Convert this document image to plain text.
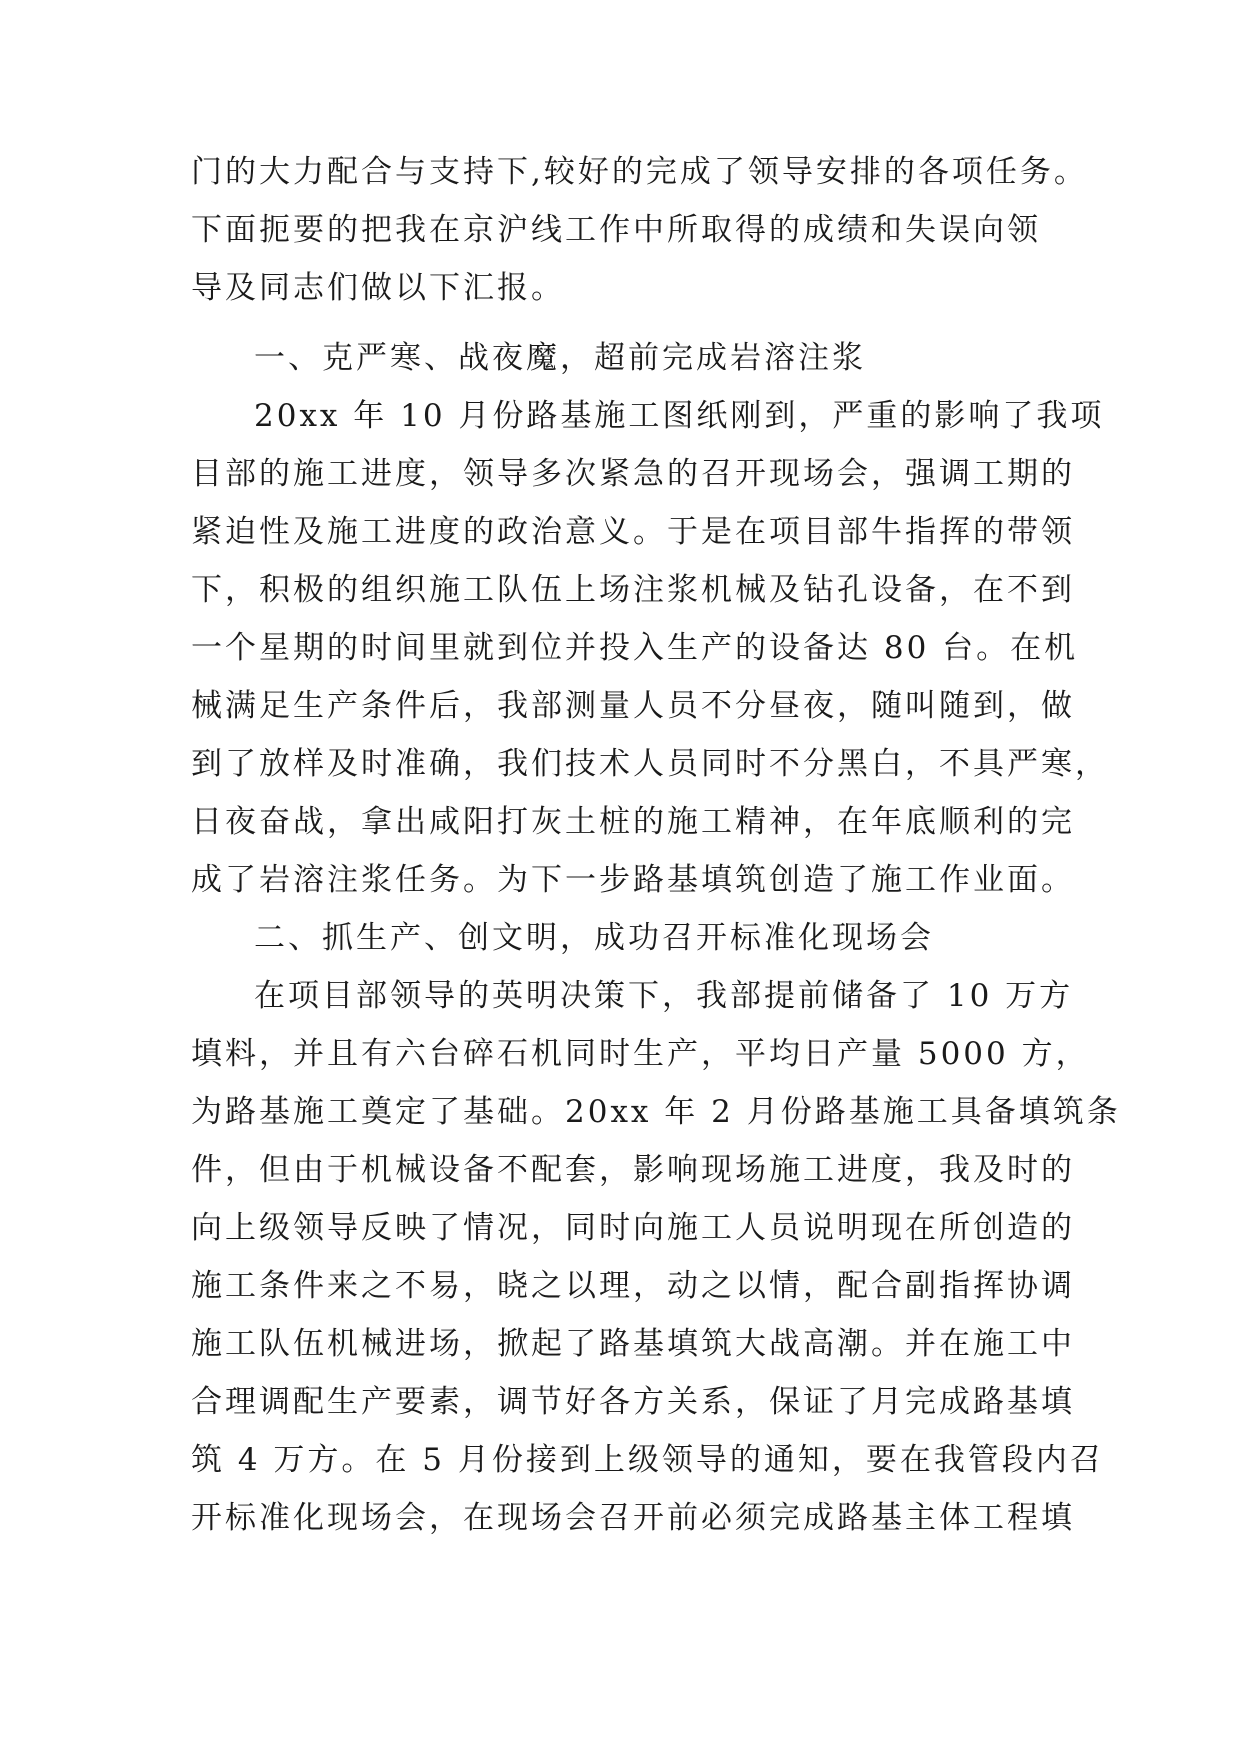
门的大力配合与支持下,较好的完成了领导安排的各项任务。
下面扼要的把我在京沪线工作中所取得的成绩和失误向领
导及同志们做以下汇报。
一、克严寒、战夜魔，超前完成岩溶注浆
20xx 年 10 月份路基施工图纸刚到，严重的影响了我项
目部的施工进度，领导多次紧急的召开现场会，强调工期的
紧迫性及施工进度的政治意义。于是在项目部牛指挥的带领
下，积极的组织施工队伍上场注浆机械及钻孔设备，在不到
一个星期的时间里就到位并投入生产的设备达 80 台。在机
械满足生产条件后，我部测量人员不分昼夜，随叫随到，做
到了放样及时准确，我们技术人员同时不分黑白，不具严寒，
日夜奋战，拿出咸阳打灰土桩的施工精神，在年底顺利的完
成了岩溶注浆任务。为下一步路基填筑创造了施工作业面。
二、抓生产、创文明，成功召开标准化现场会
在项目部领导的英明决策下，我部提前储备了 10 万方
填料，并且有六台碎石机同时生产，平均日产量 5000 方，
为路基施工奠定了基础。20xx 年 2 月份路基施工具备填筑条
件，但由于机械设备不配套，影响现场施工进度，我及时的
向上级领导反映了情况，同时向施工人员说明现在所创造的
施工条件来之不易，晓之以理，动之以情，配合副指挥协调
施工队伍机械进场，掀起了路基填筑大战高潮。并在施工中
合理调配生产要素，调节好各方关系，保证了月完成路基填
筑 4 万方。在 5 月份接到上级领导的通知，要在我管段内召
开标准化现场会，在现场会召开前必须完成路基主体工程填
